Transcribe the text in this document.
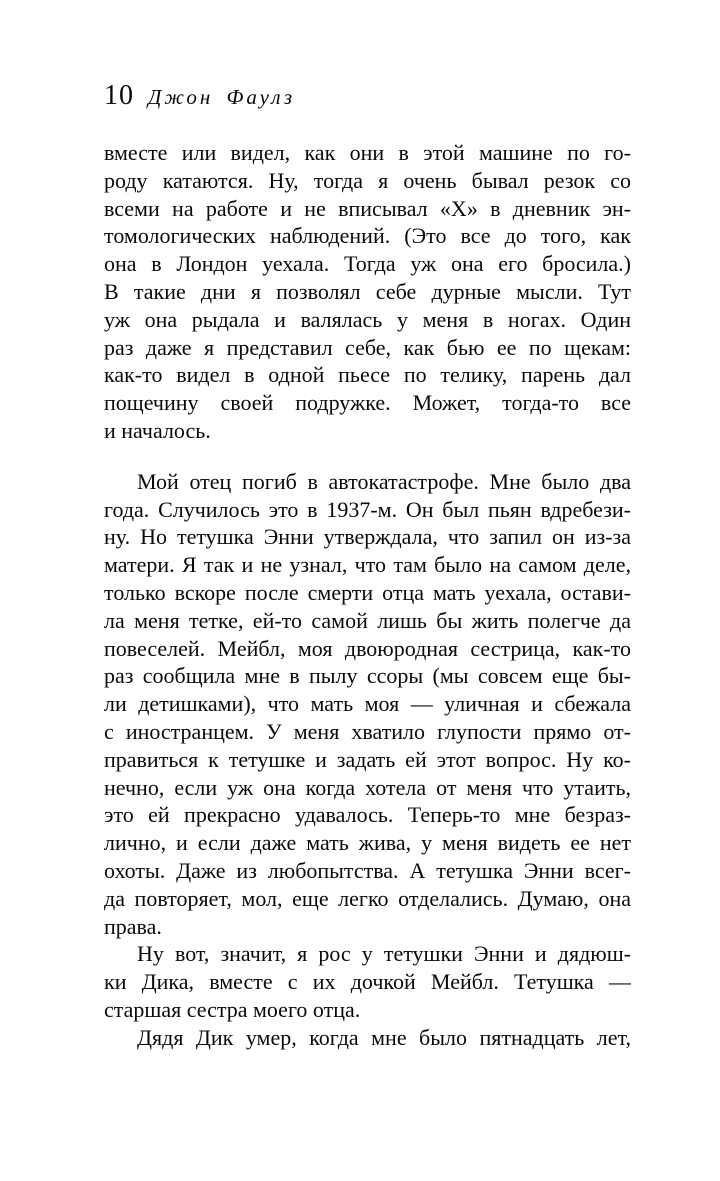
10 Джон Фаулз

вместе или видел, как они в этой машине по го-
роду катаются. Ну, тогда я очень бывал резок со
всеми на работе и не вписывал «Х» в дневник эн-
томологических наблюдений. (Это все до того, как
она в Лондон уехала. Тогда уж она его бросила.)
В такие дни я позволял себе дурные мысли. Тут
уж она рыдала и валялась у меня в ногах. Один
раз даже я представил себе, как бью ее по щекам:
как-то видел в одной пьесе по телику, парень дал
пощечину своей подружке. Может, тогда-то все
и началось.

Мой отец погиб в автокатастрофе. Мне было два
года. Случилось это в 1937-м. Он был пьян вдребези-
ну. Но тетушка Энни утверждала, что запил он из-за
матери. Я так и не узнал, что там было на самом деле,
только вскоре после смерти отца мать уехала, остави-
ла меня тетке, ей-то самой лишь бы жить полегче да
повеселей. Мейбл, моя двоюродная сестрица, как-то
раз сообщила мне в пылу ссоры (мы совсем еще бы-
ли детишками), что мать моя — уличная и сбежала
с иностранцем. У меня хватило глупости прямо от-
правиться к тетушке и задать ей этот вопрос. Ну ко-
нечно, если уж она когда хотела от меня что утаить,
это ей прекрасно удавалось. Теперь-то мне безраз-
лично, и если даже мать жива, у меня видеть ее нет
охоты. Даже из любопытства. А тетушка Энни всег-
да повторяет, мол, еще легко отделались. Думаю, она
права.

Ну вот, значит, я рос у тетушки Энни и дядюш-
ки Дика, вместе с их дочкой Мейбл. Тетушка —
старшая сестра моего отца.

Дядя Дик умер, когда мне было пятнадцать лет,
